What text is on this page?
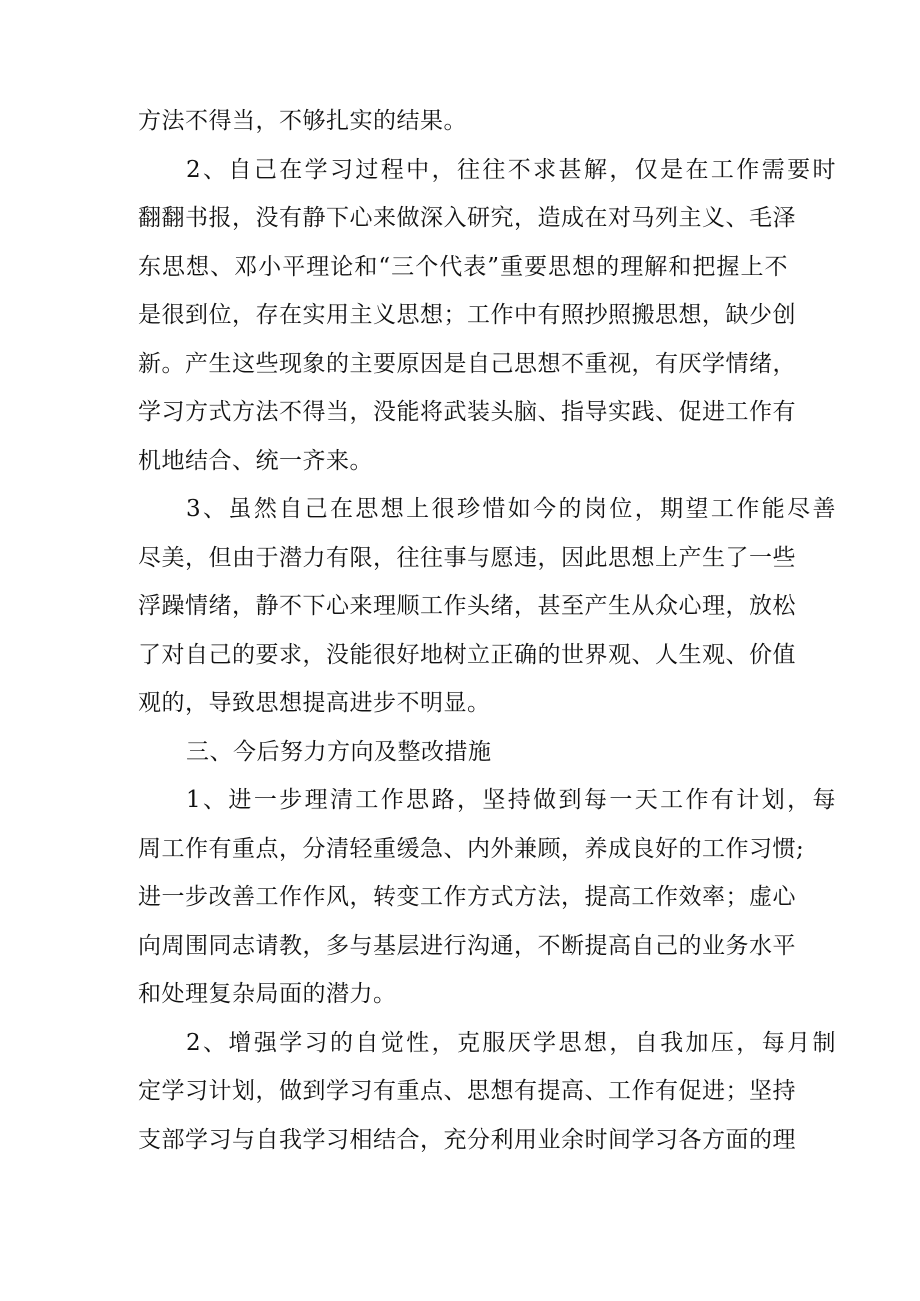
方法不得当，不够扎实的结果。
2、自己在学习过程中，往往不求甚解，仅是在工作需要时
翻翻书报，没有静下心来做深入研究，造成在对马列主义、毛泽
东思想、邓小平理论和“三个代表”重要思想的理解和把握上不
是很到位，存在实用主义思想；工作中有照抄照搬思想，缺少创
新。产生这些现象的主要原因是自己思想不重视，有厌学情绪，
学习方式方法不得当，没能将武装头脑、指导实践、促进工作有
机地结合、统一齐来。
3、虽然自己在思想上很珍惜如今的岗位，期望工作能尽善
尽美，但由于潜力有限，往往事与愿违，因此思想上产生了一些
浮躁情绪，静不下心来理顺工作头绪，甚至产生从众心理，放松
了对自己的要求，没能很好地树立正确的世界观、人生观、价值
观的，导致思想提高进步不明显。
三、今后努力方向及整改措施
1、进一步理清工作思路，坚持做到每一天工作有计划，每
周工作有重点，分清轻重缓急、内外兼顾，养成良好的工作习惯;
进一步改善工作作风，转变工作方式方法，提高工作效率；虚心
向周围同志请教，多与基层进行沟通，不断提高自己的业务水平
和处理复杂局面的潜力。
2、增强学习的自觉性，克服厌学思想，自我加压，每月制
定学习计划，做到学习有重点、思想有提高、工作有促进；坚持
支部学习与自我学习相结合，充分利用业余时间学习各方面的理
